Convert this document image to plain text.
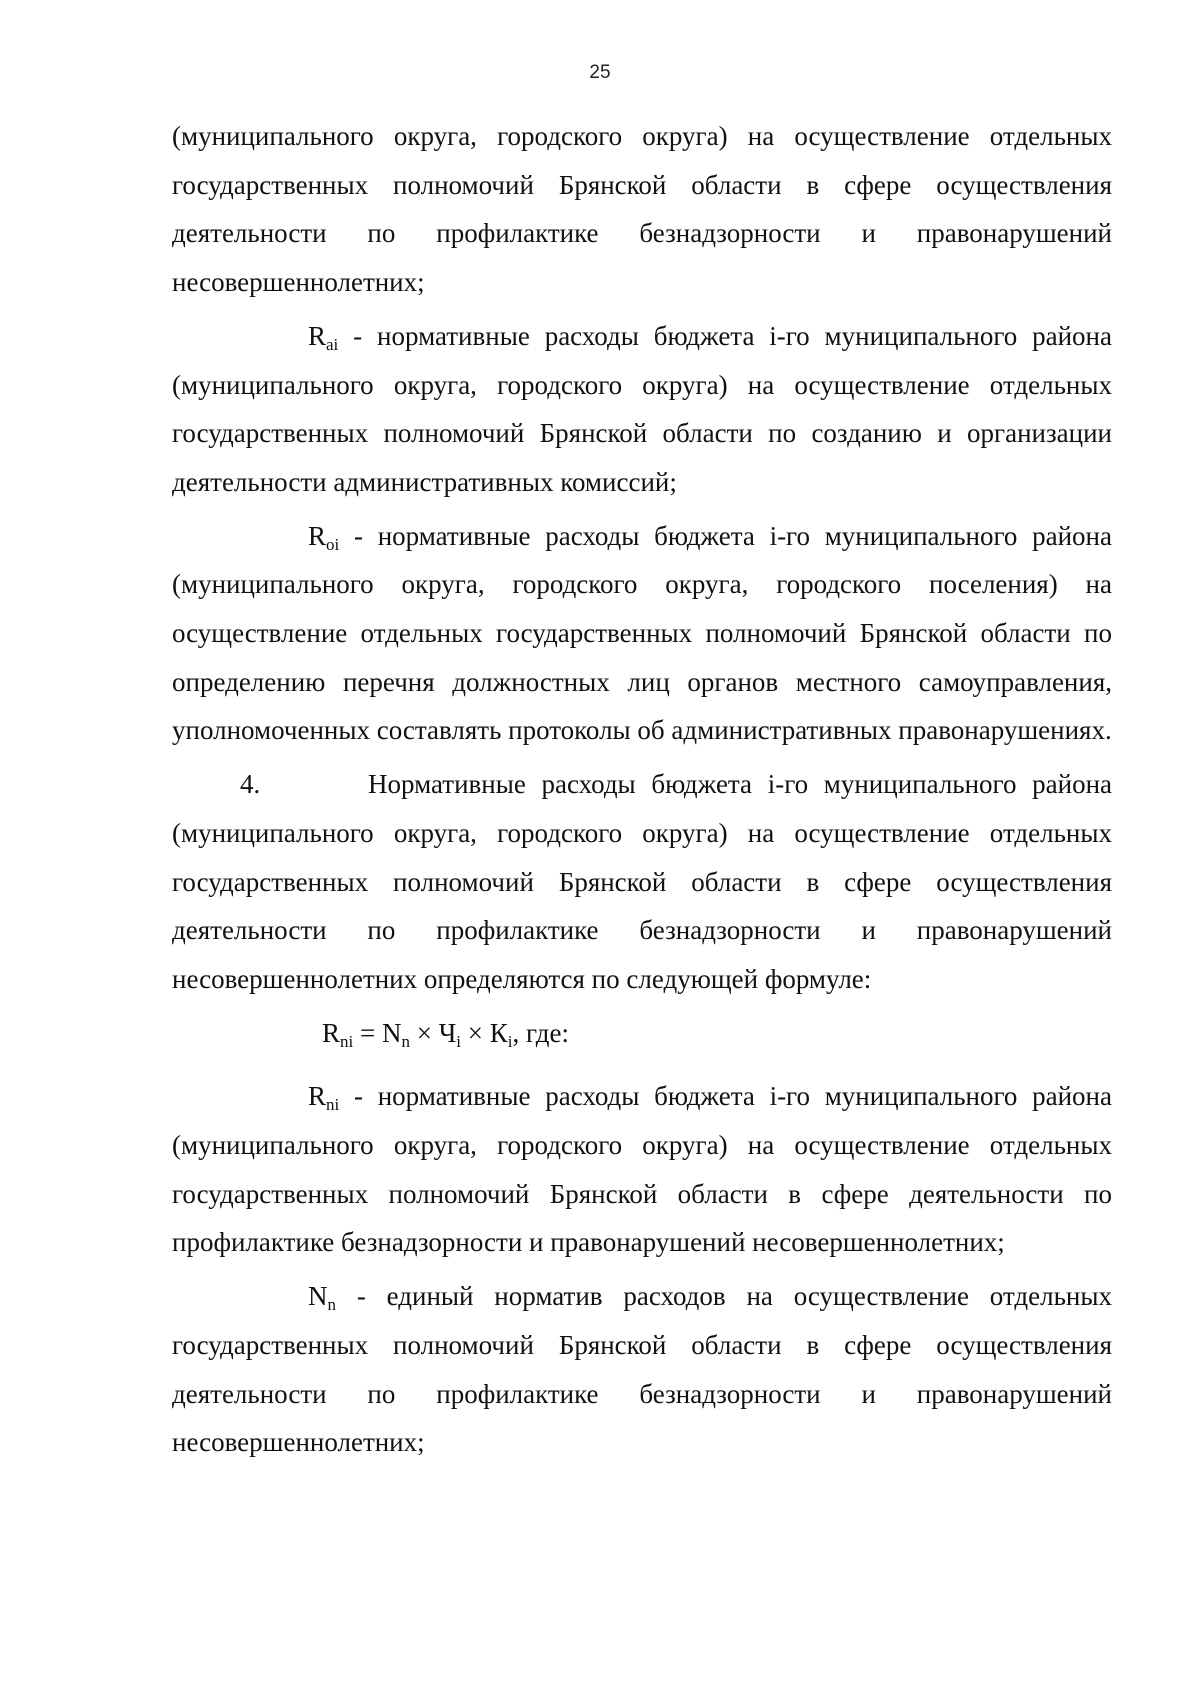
25

(муниципального округа, городского округа) на осуществление отдельных государственных полномочий Брянской области в сфере осуществления деятельности по профилактике безнадзорности и правонарушений несовершеннолетних;

$R_{ai}$ - нормативные расходы бюджета i-го муниципального района (муниципального округа, городского округа) на осуществление отдельных государственных полномочий Брянской области по созданию и организации деятельности административных комиссий;

$R_{oi}$ - нормативные расходы бюджета i-го муниципального района (муниципального округа, городского округа, городского поселения) на осуществление отдельных государственных полномочий Брянской области по определению перечня должностных лиц органов местного самоуправления, уполномоченных составлять протоколы об административных правонарушениях.

4.	Нормативные расходы бюджета i-го муниципального района (муниципального округа, городского округа) на осуществление отдельных государственных полномочий Брянской области в сфере осуществления деятельности по профилактике безнадзорности и правонарушений несовершеннолетних определяются по следующей формуле:

$R_{ni} = N_n \times Ч_i \times К_i$, где:

$R_{ni}$ - нормативные расходы бюджета i-го муниципального района (муниципального округа, городского округа) на осуществление отдельных государственных полномочий Брянской области в сфере деятельности по профилактике безнадзорности и правонарушений несовершеннолетних;

$N_n$ - единый норматив расходов на осуществление отдельных государственных полномочий Брянской области в сфере осуществления деятельности по профилактике безнадзорности и правонарушений несовершеннолетних;
